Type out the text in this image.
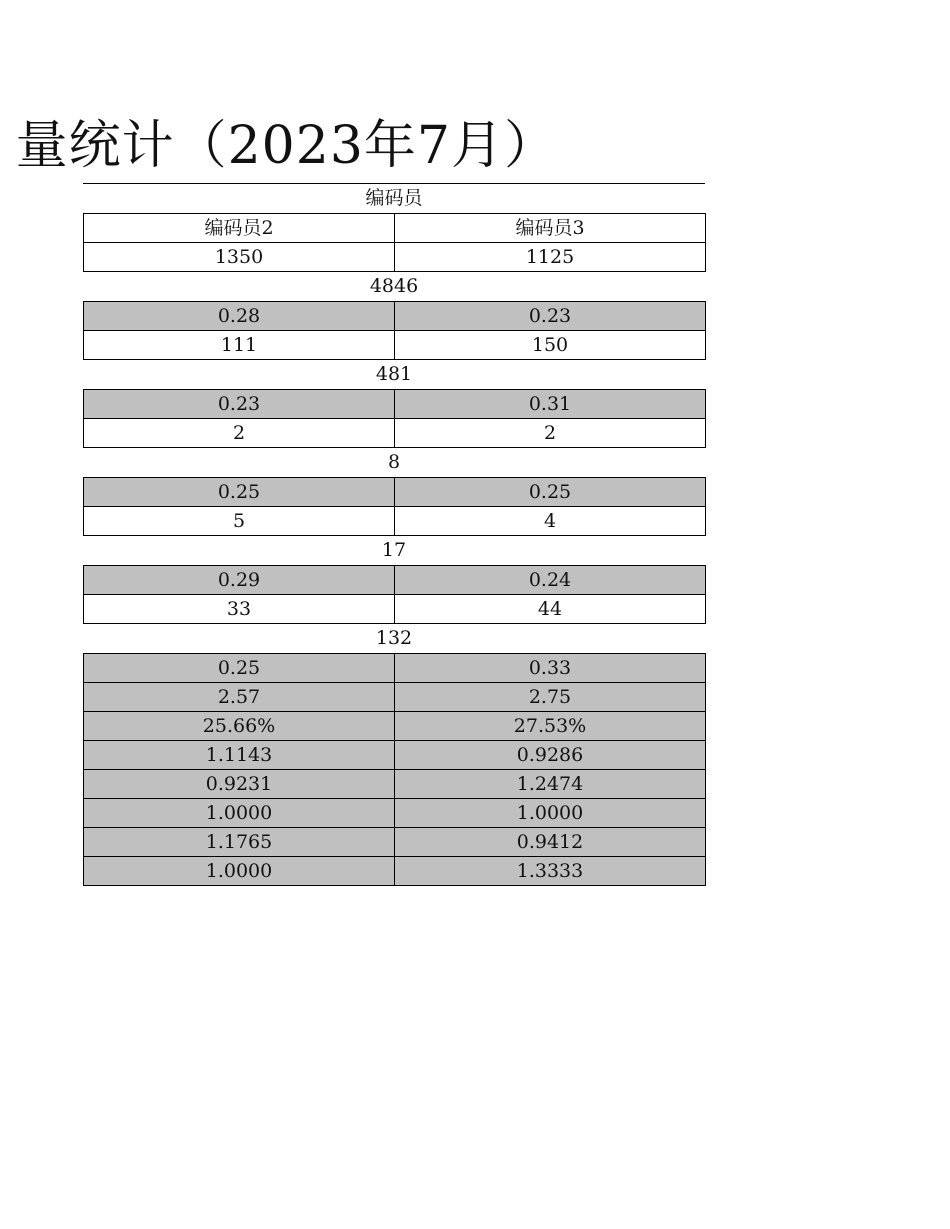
量统计（2023年7月）
编码员
编码员2	编码员3
1350	1125
4846
0.28	0.23
111	150
481
0.23	0.31
2	2
8
0.25	0.25
5	4
17
0.29	0.24
33	44
132
0.25	0.33
2.57	2.75
25.66%	27.53%
1.1143	0.9286
0.9231	1.2474
1.0000	1.0000
1.1765	0.9412
1.0000	1.3333
